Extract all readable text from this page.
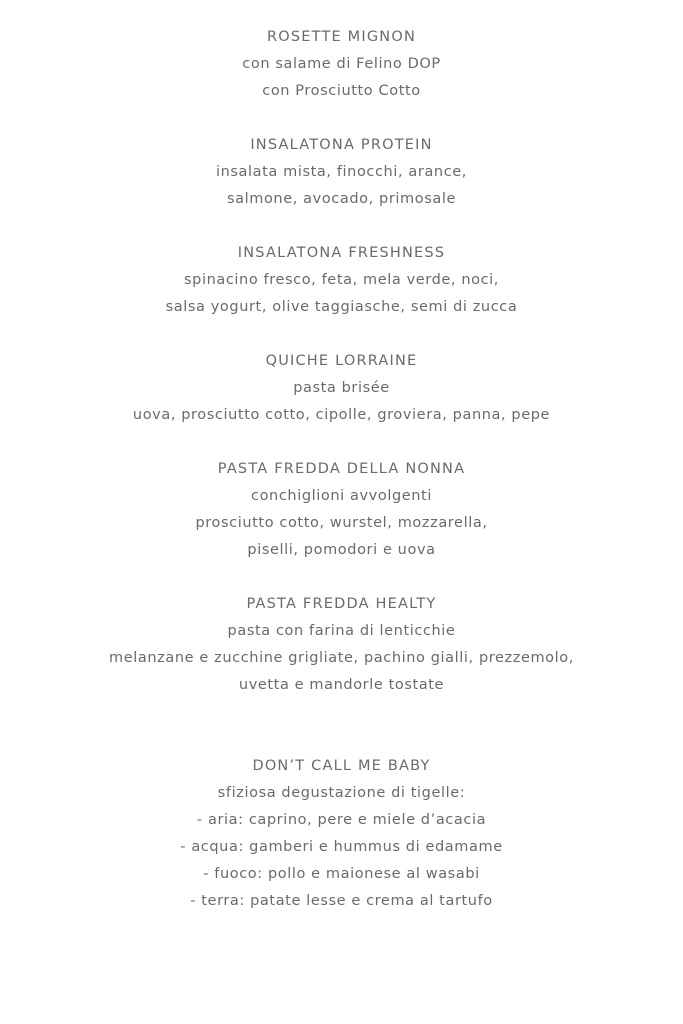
ROSETTE MIGNON
con salame di Felino DOP
con Prosciutto Cotto
INSALATONA PROTEIN
insalata mista, finocchi, arance,
salmone, avocado, primosale
INSALATONA FRESHNESS
spinacino fresco, feta, mela verde, noci,
salsa yogurt, olive taggiasche, semi di zucca
QUICHE LORRAINE
pasta brisée
uova, prosciutto cotto, cipolle, groviera, panna, pepe
PASTA FREDDA DELLA NONNA
conchiglioni avvolgenti
prosciutto cotto, wurstel, mozzarella,
piselli, pomodori e uova
PASTA FREDDA HEALTY
pasta con farina di lenticchie
melanzane e zucchine grigliate, pachino gialli, prezzemolo,
uvetta e mandorle tostate
DON’T CALL ME BABY
sfiziosa degustazione di tigelle:
- aria: caprino, pere e miele d’acacia
- acqua: gamberi e hummus di edamame
- fuoco: pollo e maionese al wasabi
- terra: patate lesse e crema al tartufo
